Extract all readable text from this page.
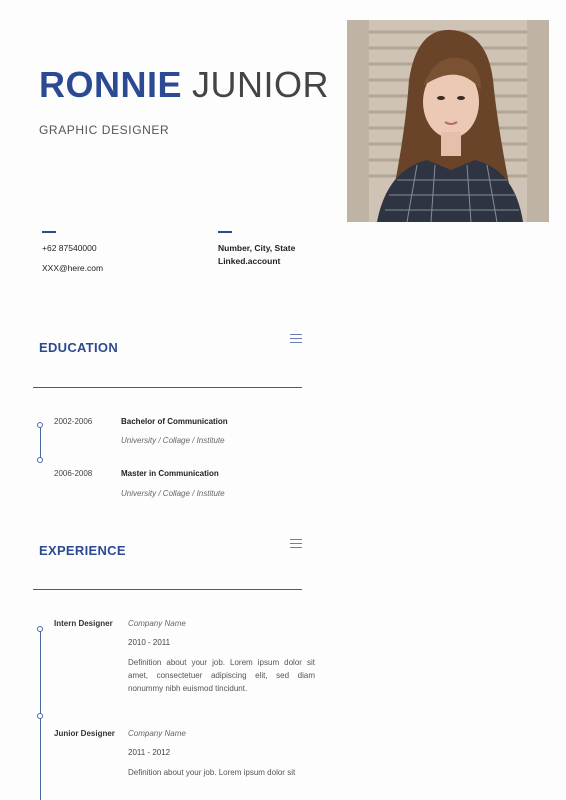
RONNIE JUNIOR
GRAPHIC DESIGNER
+62 87540000
XXX@here.com
Number, City, State
Linked.account
EDUCATION
2002-2006	Bachelor of Communication
University / Collage / Institute
2006-2008	Master in Communication
University / Collage / Institute
EXPERIENCE
Intern Designer Company Name
2010 - 2011
Definition about your job. Lorem ipsum dolor sit amet, consectetuer adipiscing elit, sed diam nonummy nibh euismod tincidunt.
Junior Designer Company Name
2011 - 2012
Definition about your job. Lorem ipsum dolor sit
